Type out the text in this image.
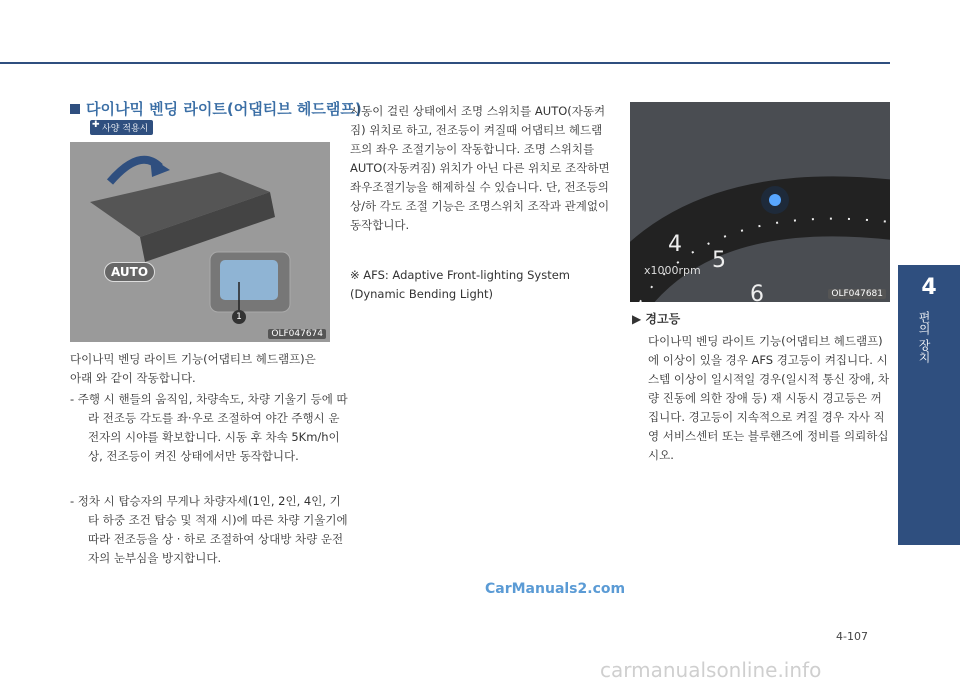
다이나믹 벤딩 라이트(어댑티브 헤드램프)
✚ 사양 적용시
AUTO
1
OLF047674
x1000rpm
4
5
6	OLF047681
다이나믹 벤딩 라이트 기능(어댑티브 헤드램프)은 아래 와 같이 작동합니다.
- 주행 시 핸들의 움직임, 차량속도, 차량 기울기 등에 따라 전조등 각도를 좌·우로 조절하여 야간 주행시 운전자의 시야를 확보합니다. 시동 후 차속 5Km/h이상, 전조등이 켜진 상태에서만 동작합니다.
- 정차 시 탑승자의 무게나 차량자세(1인, 2인, 4인, 기타 하중 조건 탑승 및 적재 시)에 따른 차량 기울기에 따라 전조등을 상 · 하로 조절하여 상대방 차량 운전자의 눈부심을 방지합니다.
시동이 걸린 상태에서 조명 스위치를 AUTO(자동켜짐) 위치로 하고, 전조등이 켜질때 어댑티브 헤드램프의 좌우 조절기능이 작동합니다. 조명 스위치를 AUTO(자동켜짐) 위치가 아닌 다른 위치로 조작하면 좌우조절기능을 해제하실 수 있습니다. 단, 전조등의 상/하 각도 조절 기능은 조명스위치 조작과 관계없이 동작합니다.
※ AFS: Adaptive Front-lighting System (Dynamic Bending Light)
▶ 경고등
다이나믹 벤딩 라이트 기능(어댑티브 헤드램프)에 이상이 있을 경우 AFS 경고등이 켜집니다. 시스템 이상이 일시적일 경우(일시적 통신 장애, 차량 진동에 의한 장애 등) 재 시동시 경고등은 꺼집니다. 경고등이 지속적으로 켜질 경우 자사 직영 서비스센터 또는 블루핸즈에 정비를 의뢰하십시오.
4
편의 장치
CarManuals2.com
4-107
carmanualsonline.info
